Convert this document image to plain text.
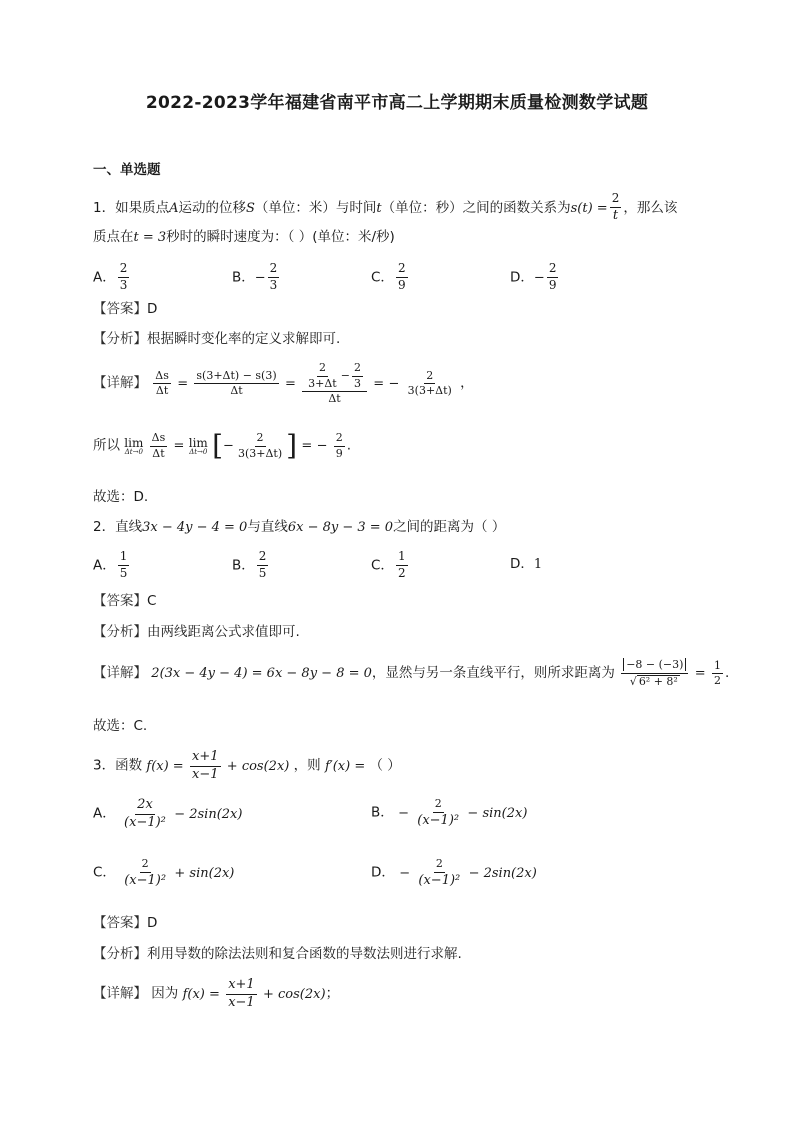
2022-2023学年福建省南平市高二上学期期末质量检测数学试题
一、单选题
1．如果质点A运动的位移S（单位：米）与时间t（单位：秒）之间的函数关系为$s(t) = \frac{2}{t}$ ，那么该
质点在t = 3秒时的瞬时速度为：（ ）(单位：米/秒)
A． $\frac{2}{3}$	B．− $\frac{2}{3}$	C． $\frac{2}{9}$	D．− $\frac{2}{9}$
【答案】D
【分析】根据瞬时变化率的定义求解即可.
【详解】 $\frac{\Delta s}{\Delta t} = \frac{s(3+\Delta t) - s(3)}{\Delta t} = \frac{\frac{2}{3+\Delta t} - \frac{2}{3}}{\Delta t}$ = − $\frac{2}{3(3+\Delta t)}$ ，
所以 lim
Δt→0
$\frac{\Delta s}{\Delta t} = \lim$
Δt→0 [− $\frac{2}{3(3+\Delta t)}$ ] = − $\frac{2}{9}$ .
故选：D.
2．直线3x − 4y − 4 = 0与直线6x − 8y − 3 = 0之间的距离为（ ）
A． $\frac{1}{5}$	B． $\frac{2}{5}$	C． $\frac{1}{2}$	D．1
【答案】C
【分析】由两线距离公式求值即可.
【详解】 2(3x − 4y − 4) = 6x − 8y − 8 = 0，显然与另一条直线平行，则所求距离为 $\frac{-8 - (-3)}{\text{√ 6² + 8²}} = \frac{1}{2}$ .
故选：C.
3．函数 $f(x) = \frac{x+1}{x-1} + \cos(2x)$ ，则 f′(x) = （ ）
A． $\frac{2x}{\text{(x−1)²}} - 2\sin(2x)$	B． − $\frac{2}{\text{(x−1)²}} - \sin(2x)$
C． $\frac{2}{\text{(x−1)²}} + \sin(2x)$	D． − $\frac{2}{\text{(x−1)²}} - 2\sin(2x)$
【答案】D
【分析】利用导数的除法法则和复合函数的导数法则进行求解.
【详解】 因为 $f(x) = \frac{x+1}{x-1} + \cos(2x)$；
